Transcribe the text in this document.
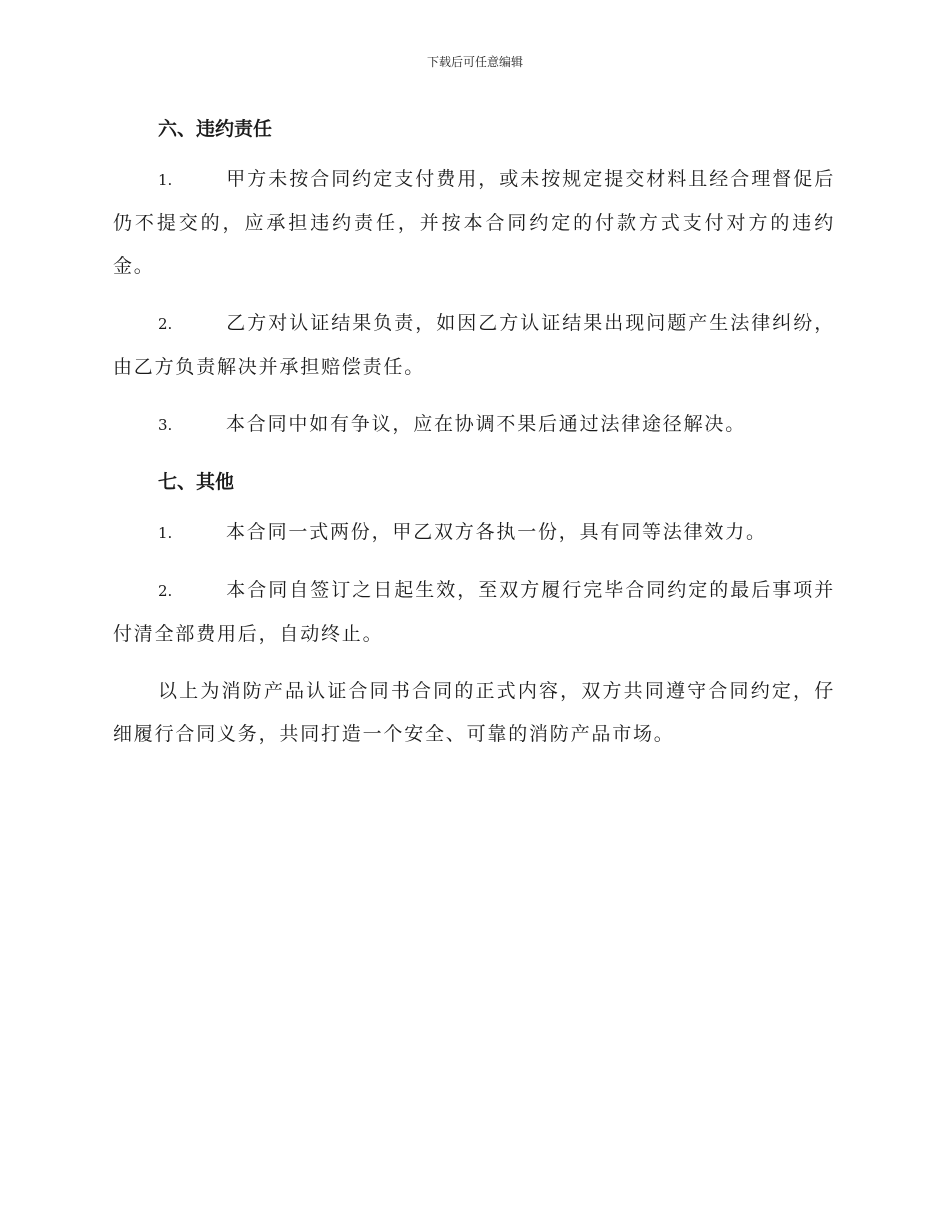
下载后可任意编辑
六、违约责任

1.	甲方未按合同约定支付费用，或未按规定提交材料且经合理督促后仍不提交的，应承担违约责任，并按本合同约定的付款方式支付对方的违约金。

2.	乙方对认证结果负责，如因乙方认证结果出现问题产生法律纠纷，由乙方负责解决并承担赔偿责任。

3.	本合同中如有争议，应在协调不果后通过法律途径解决。

七、其他

1.	本合同一式两份，甲乙双方各执一份，具有同等法律效力。

2.	本合同自签订之日起生效，至双方履行完毕合同约定的最后事项并付清全部费用后，自动终止。

以上为消防产品认证合同书合同的正式内容，双方共同遵守合同约定，仔细履行合同义务，共同打造一个安全、可靠的消防产品市场。
